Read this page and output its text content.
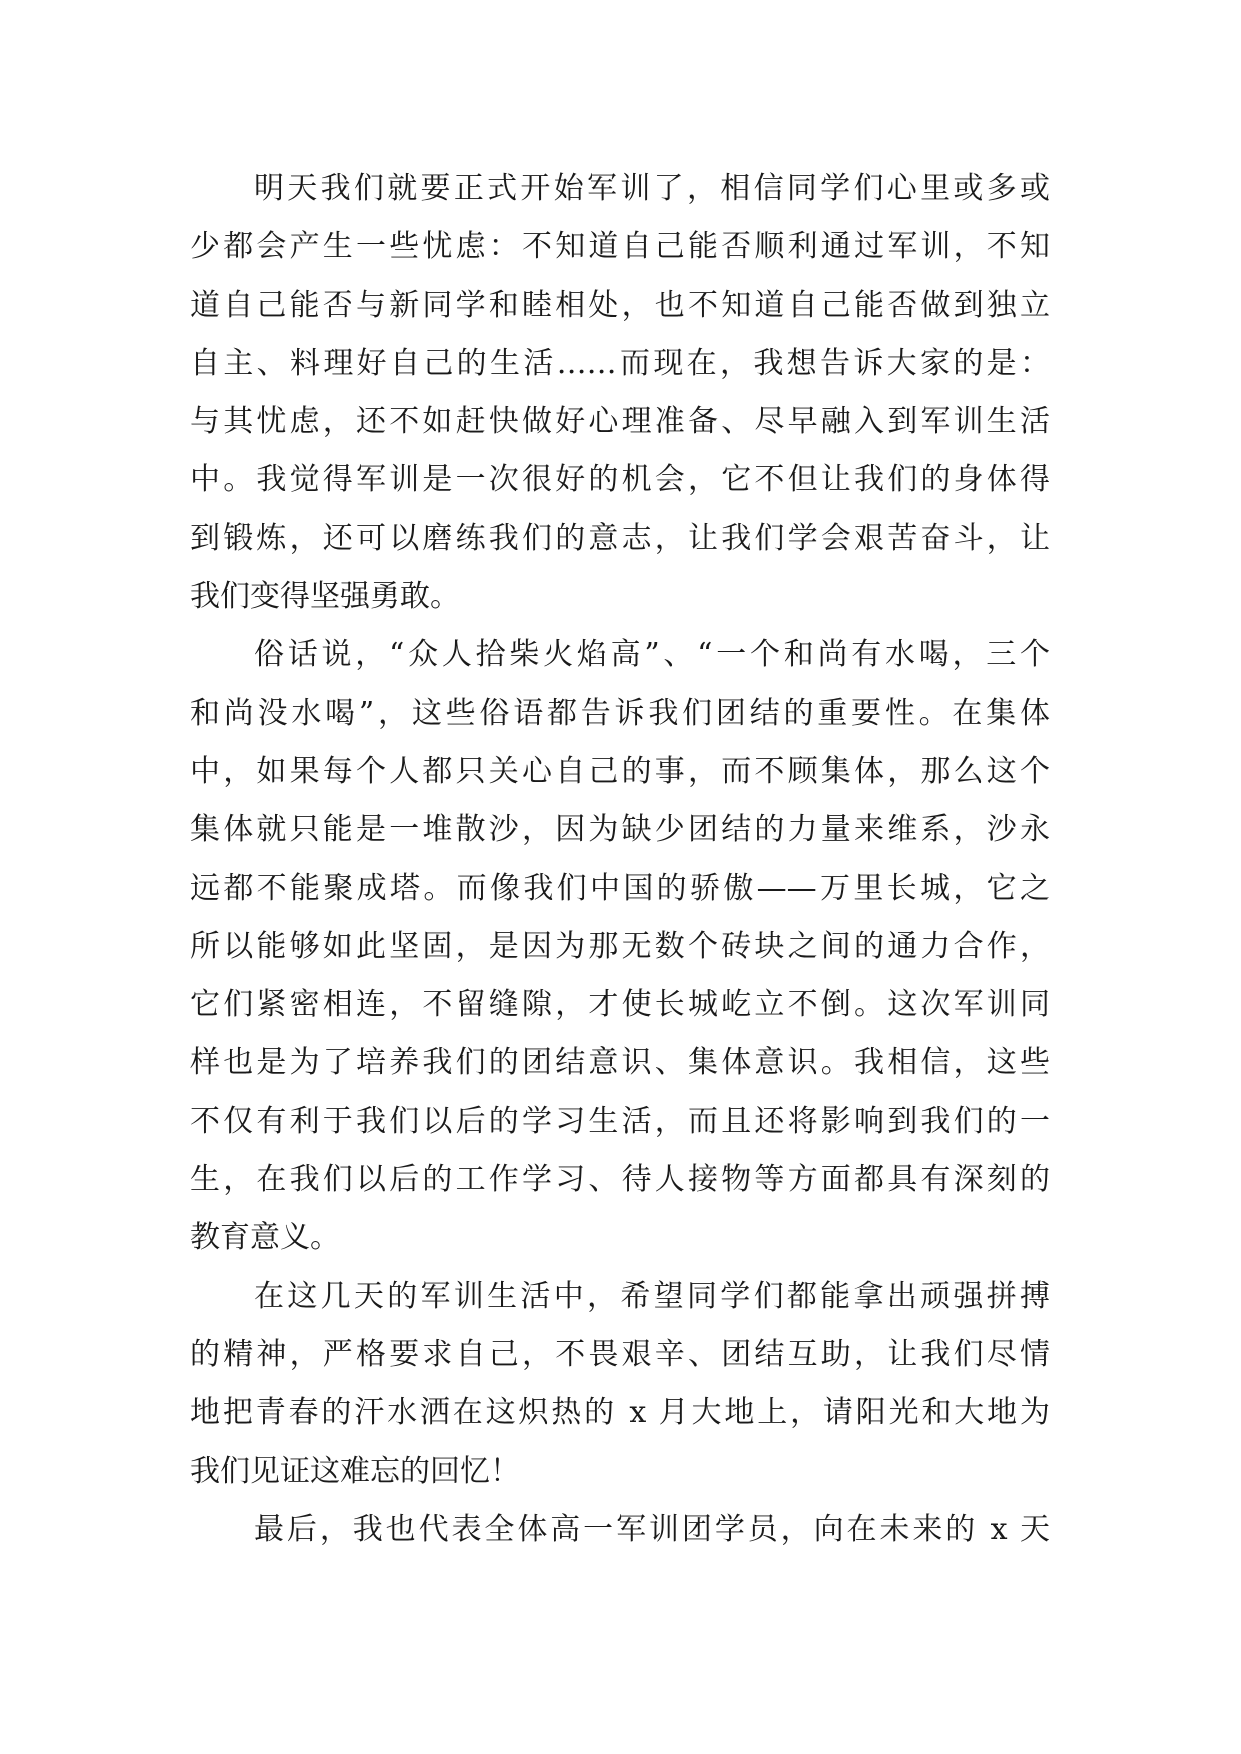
明天我们就要正式开始军训了，相信同学们心里或多或
少都会产生一些忧虑：不知道自己能否顺利通过军训，不知
道自己能否与新同学和睦相处，也不知道自己能否做到独立
自主、料理好自己的生活……而现在，我想告诉大家的是：
与其忧虑，还不如赶快做好心理准备、尽早融入到军训生活
中。我觉得军训是一次很好的机会，它不但让我们的身体得
到锻炼，还可以磨练我们的意志，让我们学会艰苦奋斗，让
我们变得坚强勇敢。
俗话说，“众人拾柴火焰高”、“一个和尚有水喝，三个
和尚没水喝”，这些俗语都告诉我们团结的重要性。在集体
中，如果每个人都只关心自己的事，而不顾集体，那么这个
集体就只能是一堆散沙，因为缺少团结的力量来维系，沙永
远都不能聚成塔。而像我们中国的骄傲——万里长城，它之
所以能够如此坚固，是因为那无数个砖块之间的通力合作，
它们紧密相连，不留缝隙，才使长城屹立不倒。这次军训同
样也是为了培养我们的团结意识、集体意识。我相信，这些
不仅有利于我们以后的学习生活，而且还将影响到我们的一
生，在我们以后的工作学习、待人接物等方面都具有深刻的
教育意义。
在这几天的军训生活中，希望同学们都能拿出顽强拼搏
的精神，严格要求自己，不畏艰辛、团结互助，让我们尽情
地把青春的汗水洒在这炽热的 x 月大地上，请阳光和大地为
我们见证这难忘的回忆！
最后，我也代表全体高一军训团学员，向在未来的 x 天
